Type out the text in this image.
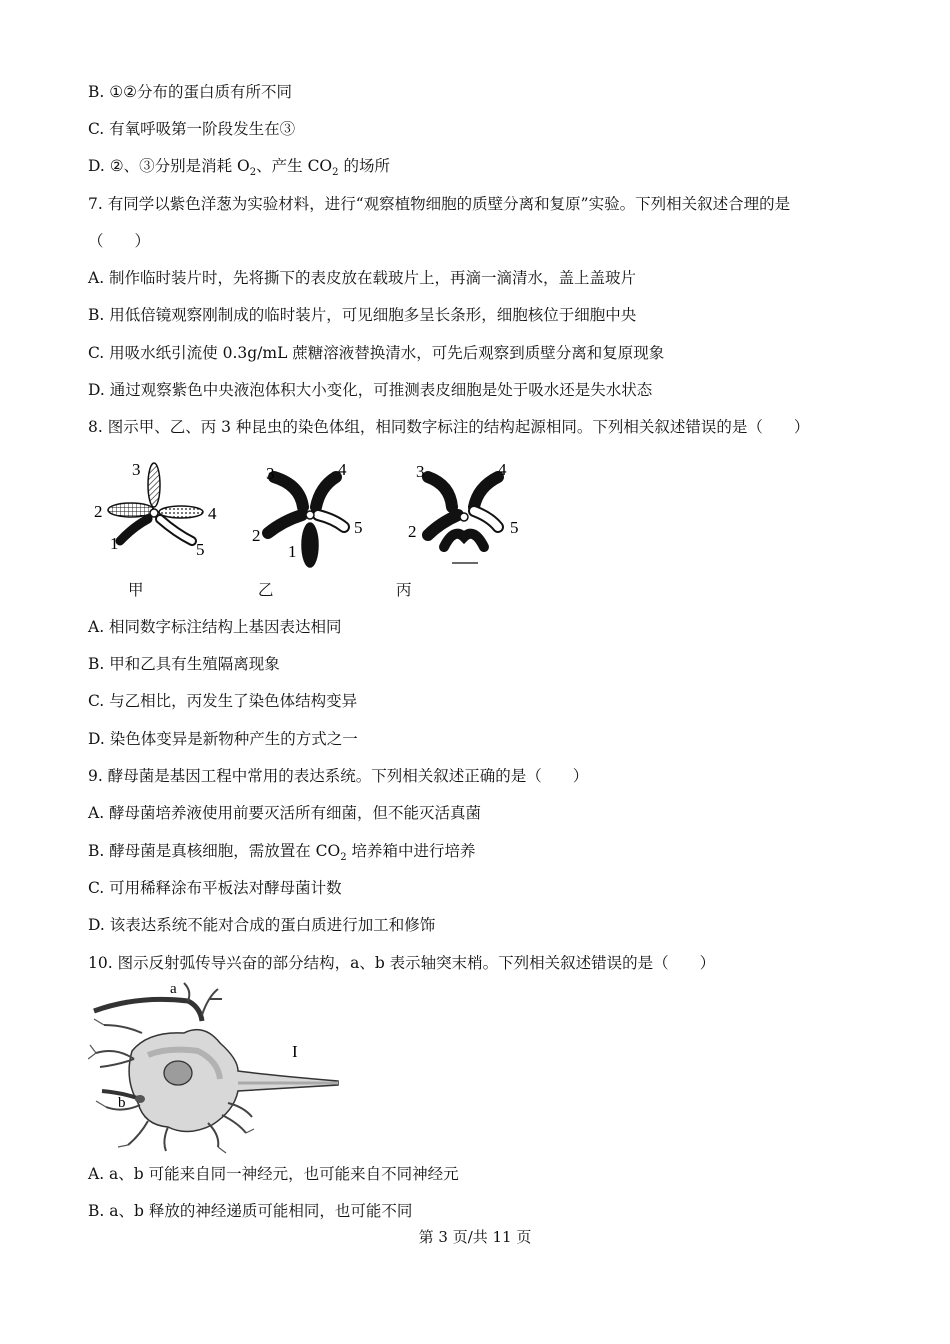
B. ①②分布的蛋白质有所不同
C. 有氧呼吸第一阶段发生在③
D. ②、③分别是消耗 $O_2$、产生 $CO_2$ 的场所
7. 有同学以紫色洋葱为实验材料，进行“观察植物细胞的质壁分离和复原”实验。下列相关叙述合理的是
（　　）
A. 制作临时装片时，先将撕下的表皮放在载玻片上，再滴一滴清水，盖上盖玻片
B. 用低倍镜观察刚制成的临时装片，可见细胞多呈长条形，细胞核位于细胞中央
C. 用吸水纸引流使 0.3g/mL 蔗糖溶液替换清水，可先后观察到质壁分离和复原现象
D. 通过观察紫色中央液泡体积大小变化，可推测表皮细胞是处于吸水还是失水状态
8. 图示甲、乙、丙 3 种昆虫的染色体组，相同数字标注的结构起源相同。下列相关叙述错误的是（　　）
3
2	4
1	5
3	4
2	5
1
3	4
2	5
甲	乙	丙
A. 相同数字标注结构上基因表达相同
B. 甲和乙具有生殖隔离现象
C. 与乙相比，丙发生了染色体结构变异
D. 染色体变异是新物种产生的方式之一
9. 酵母菌是基因工程中常用的表达系统。下列相关叙述正确的是（　　）
A. 酵母菌培养液使用前要灭活所有细菌，但不能灭活真菌
B. 酵母菌是真核细胞，需放置在 $CO_2$ 培养箱中进行培养
C. 可用稀释涂布平板法对酵母菌计数
D. 该表达系统不能对合成的蛋白质进行加工和修饰
10. 图示反射弧传导兴奋的部分结构，a、b 表示轴突末梢。下列相关叙述错误的是（　　）
a
b
I
A. a、b 可能来自同一神经元，也可能来自不同神经元
B. a、b 释放的神经递质可能相同，也可能不同
第 3 页/共 11 页
